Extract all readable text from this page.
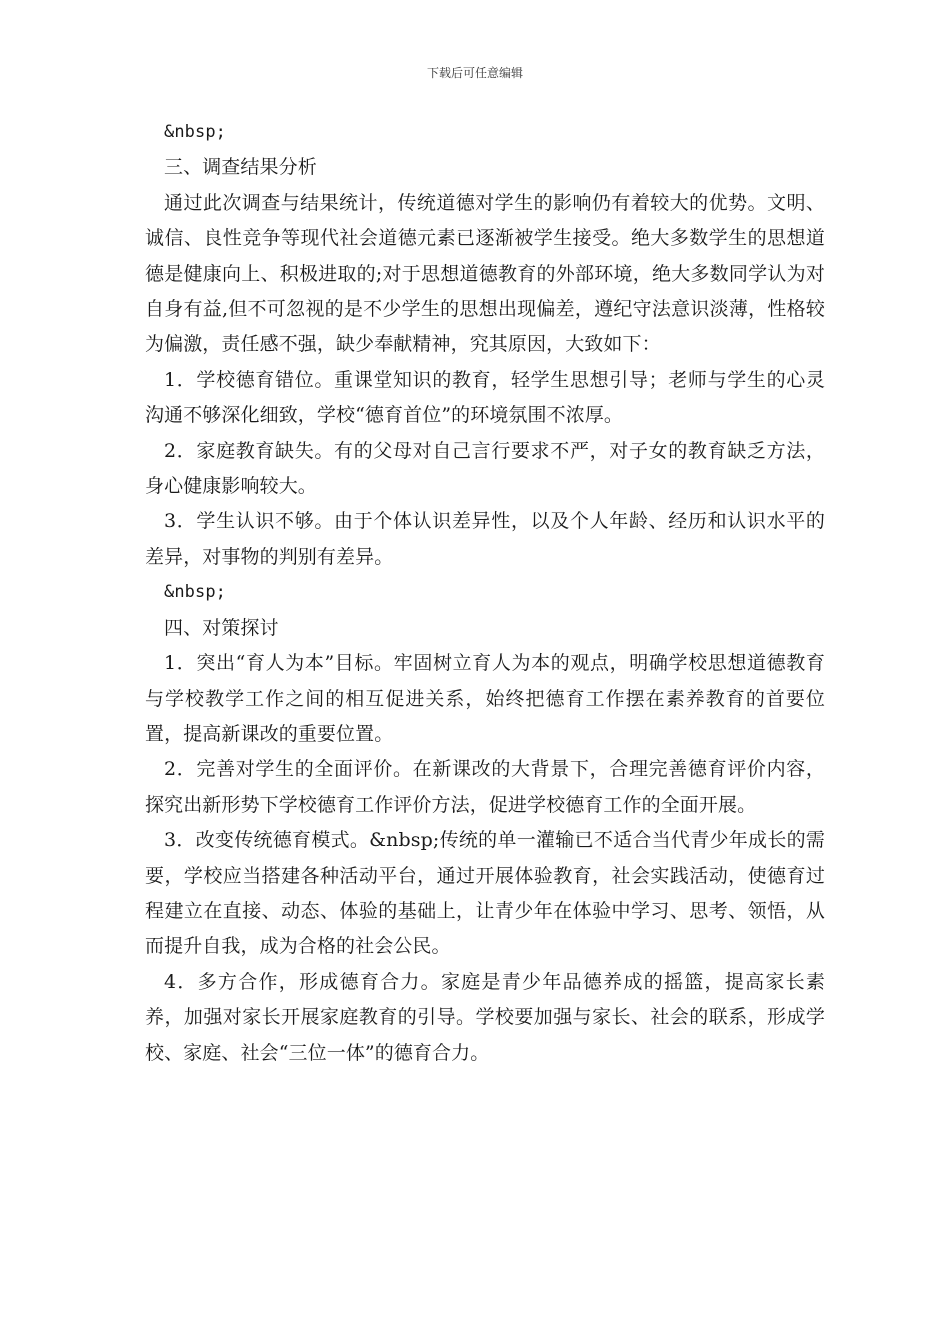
下载后可任意编辑

&nbsp;

三、调查结果分析

通过此次调查与结果统计，传统道德对学生的影响仍有着较大的优势。文明、诚信、良性竞争等现代社会道德元素已逐渐被学生接受。绝大多数学生的思想道德是健康向上、积极进取的;对于思想道德教育的外部环境，绝大多数同学认为对自身有益,但不可忽视的是不少学生的思想出现偏差，遵纪守法意识淡薄，性格较为偏激，责任感不强，缺少奉献精神，究其原因，大致如下：

1．学校德育错位。重课堂知识的教育，轻学生思想引导；老师与学生的心灵沟通不够深化细致，学校“德育首位”的环境氛围不浓厚。

2．家庭教育缺失。有的父母对自己言行要求不严，对子女的教育缺乏方法，身心健康影响较大。

3．学生认识不够。由于个体认识差异性，以及个人年龄、经历和认识水平的差异，对事物的判别有差异。

&nbsp;

四、对策探讨

1．突出“育人为本”目标。牢固树立育人为本的观点，明确学校思想道德教育与学校教学工作之间的相互促进关系，始终把德育工作摆在素养教育的首要位置，提高新课改的重要位置。

2．完善对学生的全面评价。在新课改的大背景下，合理完善德育评价内容，探究出新形势下学校德育工作评价方法，促进学校德育工作的全面开展。

3．改变传统德育模式。&nbsp;传统的单一灌输已不适合当代青少年成长的需要，学校应当搭建各种活动平台，通过开展体验教育，社会实践活动，使德育过程建立在直接、动态、体验的基础上，让青少年在体验中学习、思考、领悟，从而提升自我，成为合格的社会公民。

4．多方合作，形成德育合力。家庭是青少年品德养成的摇篮，提高家长素养，加强对家长开展家庭教育的引导。学校要加强与家长、社会的联系，形成学校、家庭、社会“三位一体”的德育合力。
